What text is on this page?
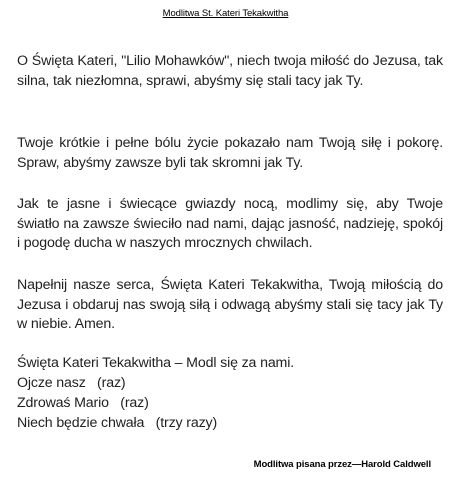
Modlitwa St. Kateri Tekakwitha
O Święta Kateri, "Lilio Mohawków", niech twoja miłość do Jezusa, tak silna, tak niezłomna, sprawi, abyśmy się stali tacy jak Ty.
Twoje krótkie i pełne bólu życie pokazało nam Twoją siłę i pokorę. Spraw, abyśmy zawsze byli tak skromni jak Ty.
Jak te jasne i świecące gwiazdy nocą, modlimy się, aby Twoje światło na zawsze świeciło nad nami, dając jasność, nadzieję, spokój i pogodę ducha w naszych mrocznych chwilach.
Napełnij nasze serca, Święta Kateri Tekakwitha, Twoją miłością do Jezusa i obdaruj nas swoją siłą i odwagą abyśmy stali się tacy jak Ty w niebie. Amen.
Święta Kateri Tekakwitha – Modl się za nami.
Ojcze nasz   (raz)
Zdrowaś Mario   (raz)
Niech będzie chwała   (trzy razy)
Modlitwa pisana przez—Harold Caldwell
